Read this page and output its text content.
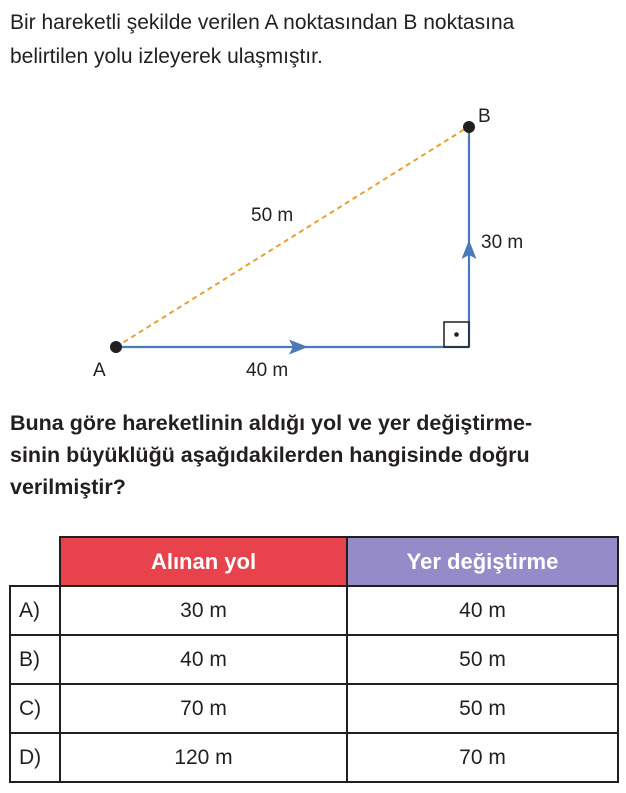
Bir hareketli şekilde verilen A noktasından B noktasına
belirtilen yolu izleyerek ulaşmıştır.

A
B
50 m
40 m
30 m

Buna göre hareketlinin aldığı yol ve yer değiştirme-
sinin büyüklüğü aşağıdakilerden hangisinde doğru
verilmiştir?

	Alınan yol	Yer değiştirme
A)	30 m	40 m
B)	40 m	50 m
C)	70 m	50 m
D)	120 m	70 m
